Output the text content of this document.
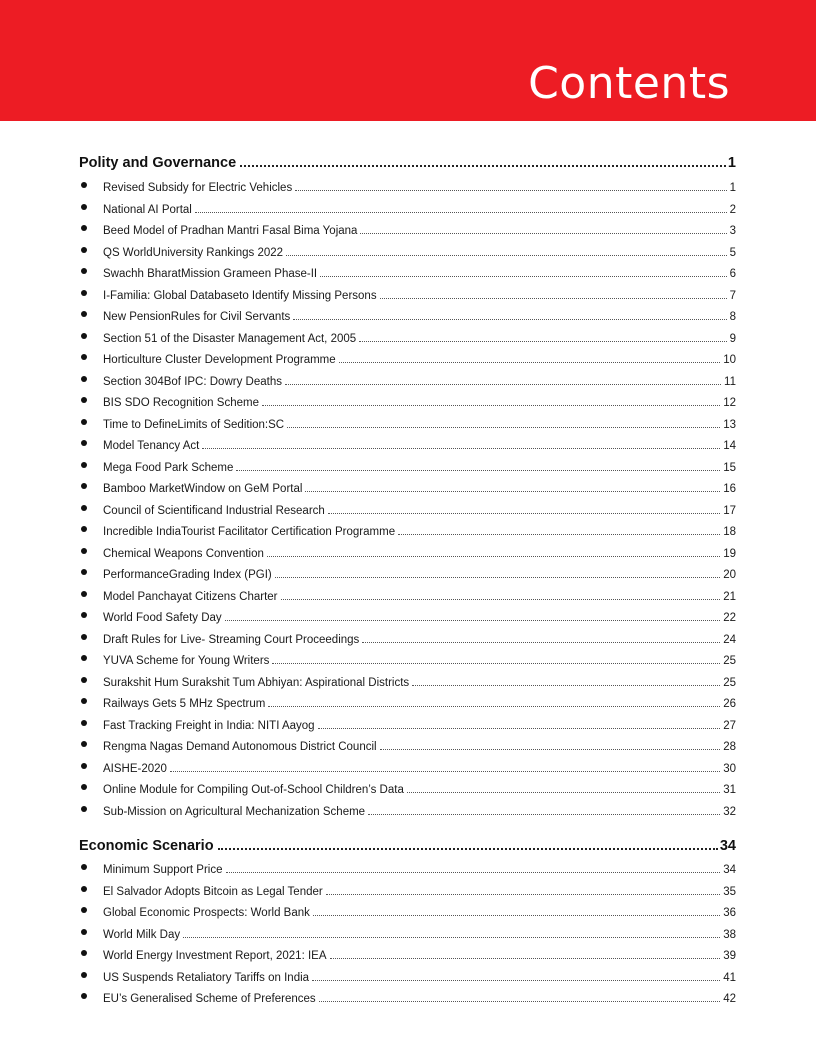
Contents
Polity and Governance	1
Revised Subsidy for Electric Vehicles	1
National AI Portal	2
Beed Model of Pradhan Mantri Fasal Bima Yojana	3
QS WorldUniversity Rankings 2022	5
Swachh BharatMission Grameen Phase-II	6
I-Familia: Global Databaseto Identify Missing Persons	7
New PensionRules for Civil Servants	8
Section 51 of the Disaster Management Act, 2005	9
Horticulture Cluster Development Programme	10
Section 304Bof IPC: Dowry Deaths	11
BIS SDO Recognition Scheme	12
Time to DefineLimits of Sedition:SC	13
Model Tenancy Act	14
Mega Food Park Scheme	15
Bamboo MarketWindow on GeM Portal	16
Council of Scientificand Industrial Research	17
Incredible IndiaTourist Facilitator Certification Programme	18
Chemical Weapons Convention	19
PerformanceGrading Index (PGI)	20
Model Panchayat Citizens Charter	21
World Food Safety Day	22
Draft Rules for Live- Streaming Court Proceedings	24
YUVA Scheme for Young Writers	25
Surakshit Hum Surakshit Tum Abhiyan: Aspirational Districts	25
Railways Gets 5 MHz Spectrum	26
Fast Tracking Freight in India: NITI Aayog	27
Rengma Nagas Demand Autonomous District Council	28
AISHE-2020	30
Online Module for Compiling Out-of-School Children’s Data	31
Sub-Mission on Agricultural Mechanization Scheme	32
Economic Scenario	34
Minimum Support Price	34
El Salvador Adopts Bitcoin as Legal Tender	35
Global Economic Prospects: World Bank	36
World Milk Day	38
World Energy Investment Report, 2021: IEA	39
US Suspends Retaliatory Tariffs on India	41
EU’s Generalised Scheme of Preferences	42
